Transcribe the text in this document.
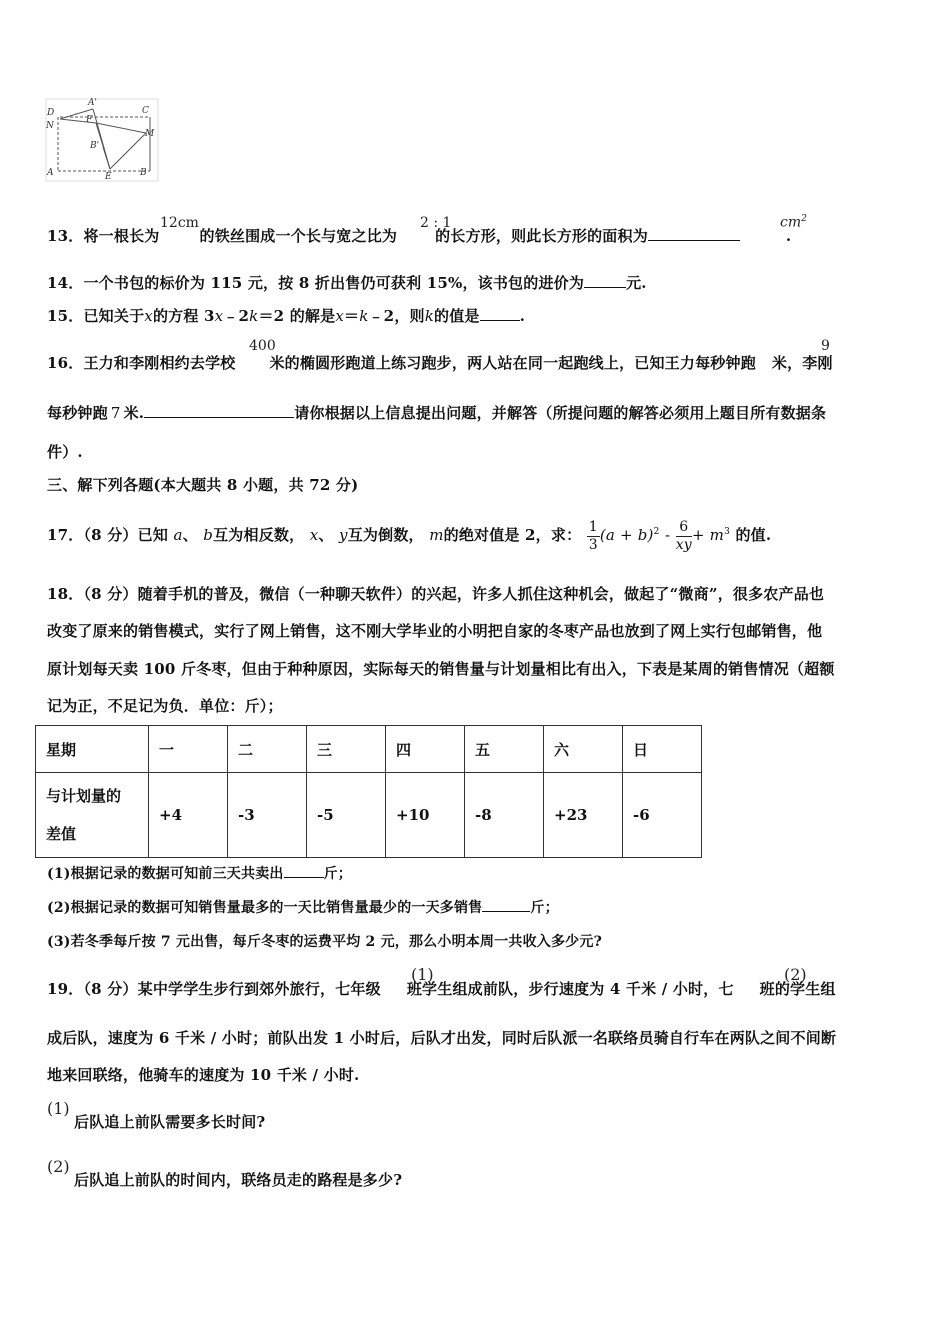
D
A'
C
N
F
M
B'
A	E	B
13．将一根长为	的铁丝围成一个长与宽之比为	的长方形，则此长方形的面积为	.
12cm	2 : 1	$cm^2$
14．一个书包的标价为 115 元，按 8 折出售仍可获利 15%，该书包的进价为	元.
15．已知关于x的方程 3x﹣2k＝2 的解是x＝k﹣2，则k的值是	.
16．王力和李刚相约去学校 米的椭圆形跑道上练习跑步，两人站在同一起跑线上，已知王力每秒钟跑 米，李刚
400	9
每秒钟跑 7 米.	请你根据以上信息提出问题，并解答（所提问题的解答必须用上题目所有数据条
件）.
三、解下列各题(本大题共 8 小题，共 72 分)
17．（8 分）已知 a、 b互为相反数， x、 y互为倒数， m的绝对值是 2，求： $\frac{1}{3} (a + b)^2 - \frac{6}{xy} + m^3$ 的值.
18．（8 分）随着手机的普及，微信（一种聊天软件）的兴起，许多人抓住这种机会，做起了“微商”，很多农产品也
改变了原来的销售模式，实行了网上销售，这不刚大学毕业的小明把自家的冬枣产品也放到了网上实行包邮销售，他
原计划每天卖 100 斤冬枣，但由于种种原因，实际每天的销售量与计划量相比有出入，下表是某周的销售情况（超额
记为正，不足记为负．单位：斤）；
星期	一	二	三	四	五	六	日
与计划量的
差值	+4	-3	-5	+10	-8	+23	-6
(1)根据记录的数据可知前三天共卖出	斤；
(2)根据记录的数据可知销售量最多的一天比销售量最少的一天多销售	斤；
(3)若冬季每斤按 7 元出售，每斤冬枣的运费平均 2 元，那么小明本周一共收入多少元?
19．（8 分）某中学学生步行到郊外旅行，七年级 班学生组成前队，步行速度为 4 千米 / 小时，七 班的学生组
(1)	(2)
成后队，速度为 6 千米 / 小时；前队出发 1 小时后，后队才出发，同时后队派一名联络员骑自行车在两队之间不间断
地来回联络，他骑车的速度为 10 千米 / 小时.
(1)
后队追上前队需要多长时间?
(2)
后队追上前队的时间内，联络员走的路程是多少?
